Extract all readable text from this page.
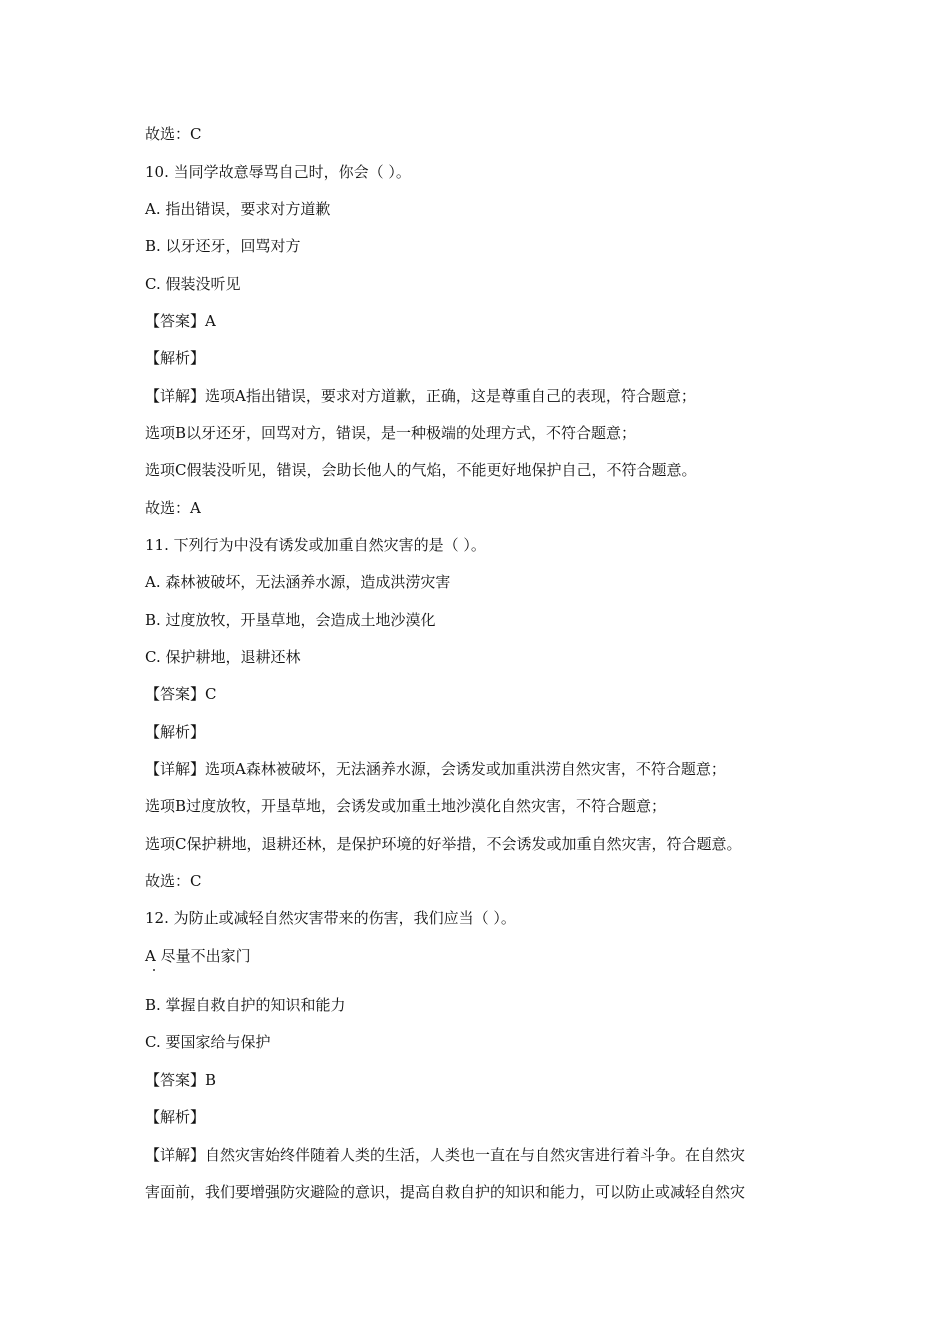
故选：C
10. 当同学故意辱骂自己时，你会（ ）。
A. 指出错误，要求对方道歉
B. 以牙还牙，回骂对方
C. 假装没听见
【答案】A
【解析】
【详解】选项A指出错误，要求对方道歉，正确，这是尊重自己的表现，符合题意；
选项B以牙还牙，回骂对方，错误，是一种极端的处理方式，不符合题意；
选项C假装没听见，错误，会助长他人的气焰，不能更好地保护自己，不符合题意。
故选：A
11. 下列行为中没有诱发或加重自然灾害的是（ ）。
A. 森林被破坏，无法涵养水源，造成洪涝灾害
B. 过度放牧，开垦草地，会造成土地沙漠化
C. 保护耕地，退耕还林
【答案】C
【解析】
【详解】选项A森林被破坏，无法涵养水源，会诱发或加重洪涝自然灾害，不符合题意；
选项B过度放牧，开垦草地，会诱发或加重土地沙漠化自然灾害，不符合题意；
选项C保护耕地，退耕还林，是保护环境的好举措，不会诱发或加重自然灾害，符合题意。
故选：C
12. 为防止或减轻自然灾害带来的伤害，我们应当（ ）。
A 尽量不出家门
B. 掌握自救自护的知识和能力
C. 要国家给与保护
【答案】B
【解析】
【详解】自然灾害始终伴随着人类的生活，人类也一直在与自然灾害进行着斗争。在自然灾
害面前，我们要增强防灾避险的意识，提高自救自护的知识和能力，可以防止或减轻自然灾
